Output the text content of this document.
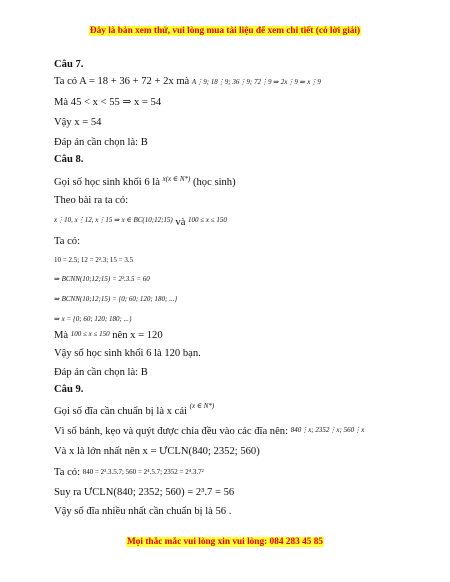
Đây là bản xem thử, vui lòng mua tài liệu để xem chi tiết (có lời giải)
Câu 7.
Ta có A = 18 + 36 + 72 + 2x mà A⋮9; 18⋮9; 36⋮9; 72⋮9 ⇒ 2x⋮9 ⇒ x⋮9
Mà 45 < x < 55 ⇒ x = 54
Vậy x = 54
Đáp án cần chọn là: B
Câu 8.
Gọi số học sinh khối 6 là $^{x(x \in N*)}$ (học sinh)
Theo bài ra ta có:
x⋮10, x⋮12, x⋮15 ⇒ x ∈ BC(10;12;15) và 100 ≤ x ≤ 150
Ta có:
10 = 2.5; 12 = 2².3; 15 = 3.5
⇒ BCNN(10;12;15) = 2².3.5 = 60
⇒ BCNN(10;12;15) = {0; 60; 120; 180; ...}
⇒ x = {0; 60; 120; 180; ...}
Mà 100 ≤ x ≤ 150 nên x = 120
Vậy số học sinh khối 6 là 120 bạn.
Đáp án cần chọn là: B
Câu 9.
Gọi số đĩa cần chuẩn bị là x cái $^{(x \in N*)}$
Vì số bánh, kẹo và quýt được chia đều vào các đĩa nên: 840⋮x; 2352⋮x; 560⋮x
Và x là lớn nhất nên x = ƯCLN(840; 2352; 560)
Ta có: 840 = 2³.3.5.7; 560 = 2⁴.5.7; 2352 = 2⁴.3.7²
Suy ra ƯCLN(840; 2352; 560) = 2³.7 = 56
Vậy số đĩa nhiều nhất cần chuẩn bị là 56 .
Mọi thắc mắc vui lòng xin vui lòng: 084 283 45 85
